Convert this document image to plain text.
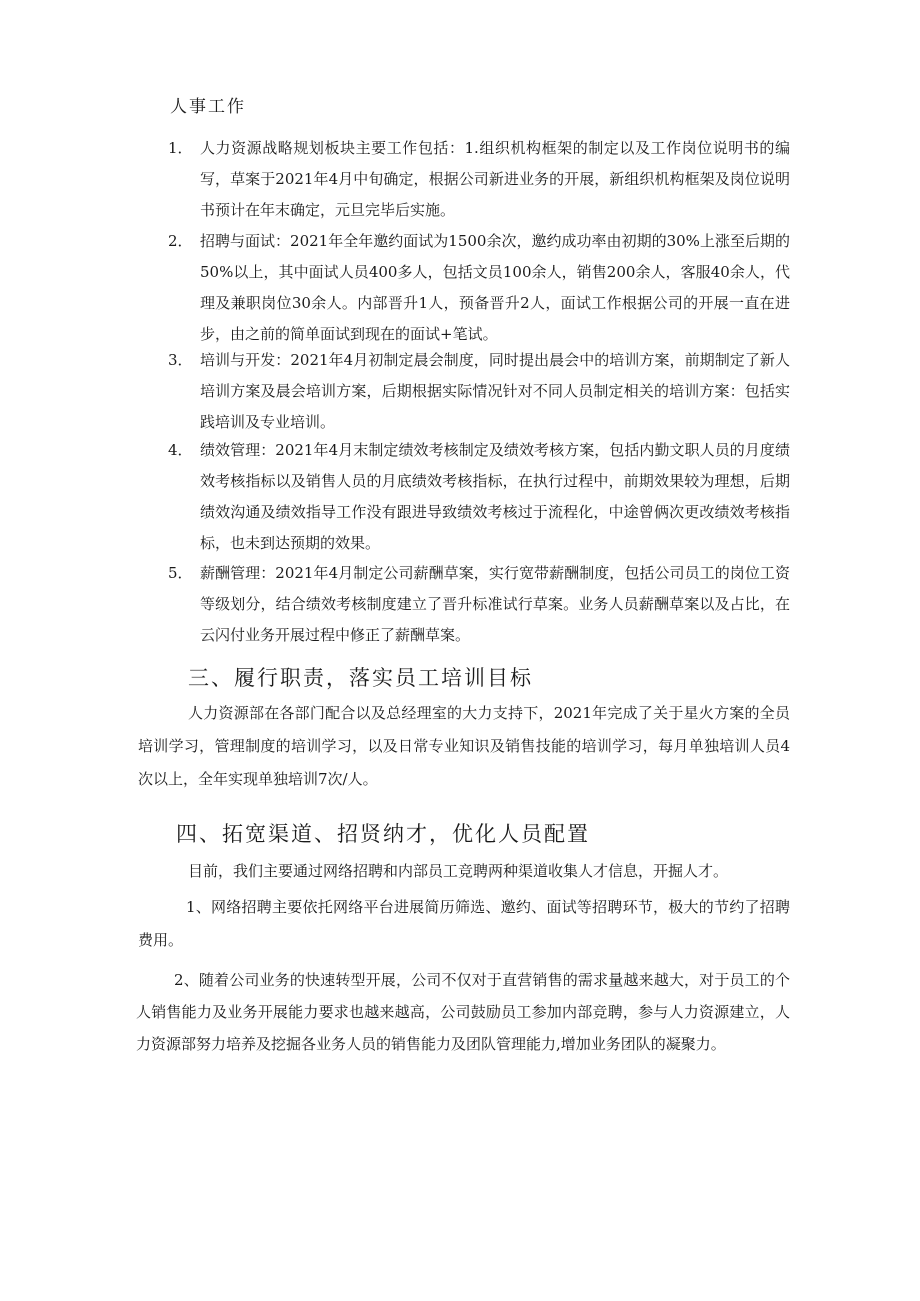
人事工作
1． 人力资源战略规划板块主要工作包括：1.组织机构框架的制定以及工作岗位说明书的编写，草案于2021年4月中旬确定，根据公司新进业务的开展，新组织机构框架及岗位说明书预计在年末确定，元旦完毕后实施。
2． 招聘与面试：2021年全年邀约面试为1500余次，邀约成功率由初期的30%上涨至后期的50%以上，其中面试人员400多人，包括文员100余人，销售200余人，客服40余人，代理及兼职岗位30余人。内部晋升1人，预备晋升2人，面试工作根据公司的开展一直在进步，由之前的简单面试到现在的面试+笔试。
3． 培训与开发：2021年4月初制定晨会制度，同时提出晨会中的培训方案，前期制定了新人培训方案及晨会培训方案，后期根据实际情况针对不同人员制定相关的培训方案：包括实践培训及专业培训。
4． 绩效管理：2021年4月末制定绩效考核制定及绩效考核方案，包括内勤文职人员的月度绩效考核指标以及销售人员的月底绩效考核指标，在执行过程中，前期效果较为理想，后期绩效沟通及绩效指导工作没有跟进导致绩效考核过于流程化，中途曾俩次更改绩效考核指标，也未到达预期的效果。
5． 薪酬管理：2021年4月制定公司薪酬草案，实行宽带薪酬制度，包括公司员工的岗位工资等级划分，结合绩效考核制度建立了晋升标准试行草案。业务人员薪酬草案以及占比，在云闪付业务开展过程中修正了薪酬草案。
三、履行职责，落实员工培训目标
人力资源部在各部门配合以及总经理室的大力支持下，2021年完成了关于星火方案的全员培训学习，管理制度的培训学习，以及日常专业知识及销售技能的培训学习，每月单独培训人员4次以上，全年实现单独培训7次/人。
四、拓宽渠道、招贤纳才，优化人员配置
目前，我们主要通过网络招聘和内部员工竞聘两种渠道收集人才信息，开掘人才。
1、网络招聘主要依托网络平台进展简历筛选、邀约、面试等招聘环节，极大的节约了招聘费用。
2、随着公司业务的快速转型开展，公司不仅对于直营销售的需求量越来越大，对于员工的个人销售能力及业务开展能力要求也越来越高，公司鼓励员工参加内部竞聘，参与人力资源建立，人力资源部努力培养及挖掘各业务人员的销售能力及团队管理能力,增加业务团队的凝聚力。
